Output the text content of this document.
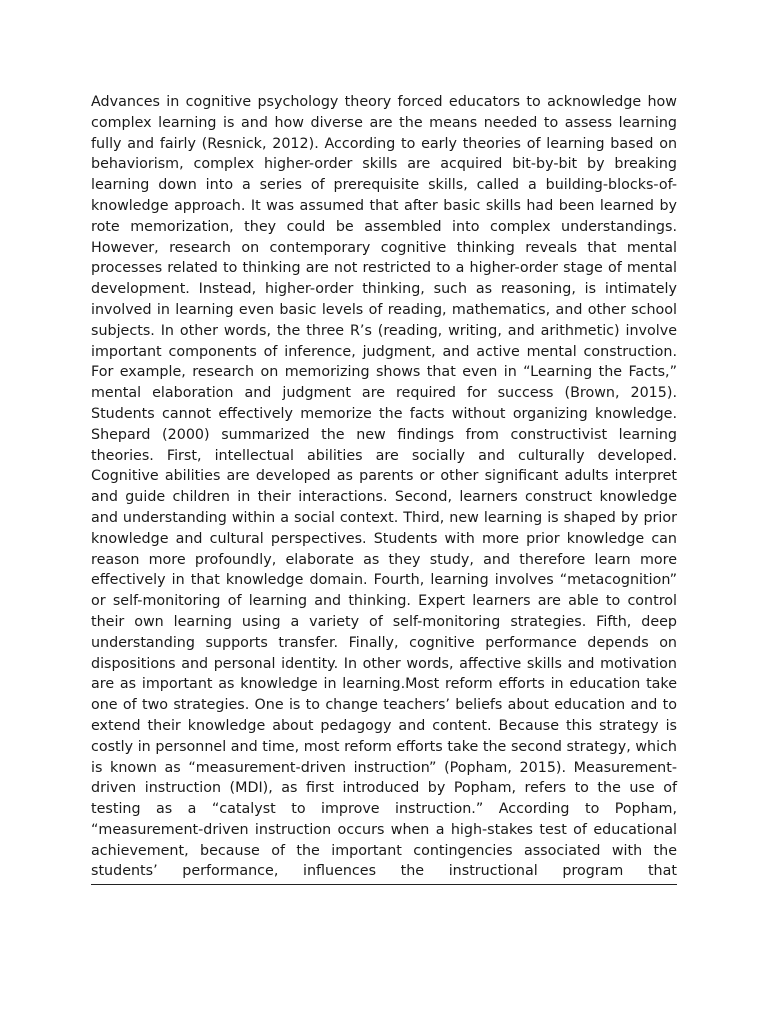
Advances in cognitive psychology theory forced educators to acknowledge how complex learning is and how diverse are the means needed to assess learning fully and fairly (Resnick, 2012). According to early theories of learning based on behaviorism, complex higher-order skills are acquired bit-by-bit by breaking learning down into a series of prerequisite skills, called a building-blocks-of-knowledge approach. It was assumed that after basic skills had been learned by rote memorization, they could be assembled into complex understandings. However, research on contemporary cognitive thinking reveals that mental processes related to thinking are not restricted to a higher-order stage of mental development. Instead, higher-order thinking, such as reasoning, is intimately involved in learning even basic levels of reading, mathematics, and other school subjects. In other words, the three R’s (reading, writing, and arithmetic) involve important components of inference, judgment, and active mental construction. For example, research on memorizing shows that even in “Learning the Facts,” mental elaboration and judgment are required for success (Brown, 2015). Students cannot effectively memorize the facts without organizing knowledge. Shepard (2000) summarized the new findings from constructivist learning theories. First, intellectual abilities are socially and culturally developed. Cognitive abilities are developed as parents or other significant adults interpret and guide children in their interactions. Second, learners construct knowledge and understanding within a social context. Third, new learning is shaped by prior knowledge and cultural perspectives. Students with more prior knowledge can reason more profoundly, elaborate as they study, and therefore learn more effectively in that knowledge domain. Fourth, learning involves “metacognition” or self-monitoring of learning and thinking. Expert learners are able to control their own learning using a variety of self-monitoring strategies. Fifth, deep understanding supports transfer. Finally, cognitive performance depends on dispositions and personal identity. In other words, affective skills and motivation are as important as knowledge in learning.Most reform efforts in education take one of two strategies. One is to change teachers’ beliefs about education and to extend their knowledge about pedagogy and content. Because this strategy is costly in personnel and time, most reform efforts take the second strategy, which is known as “measurement-driven instruction” (Popham, 2015). Measurement-driven instruction (MDI), as first introduced by Popham, refers to the use of testing as a “catalyst to improve instruction.” According to Popham, “measurement-driven instruction occurs when a high-stakes test of educational achievement, because of the important contingencies associated with the students’ performance, influences the instructional program that
